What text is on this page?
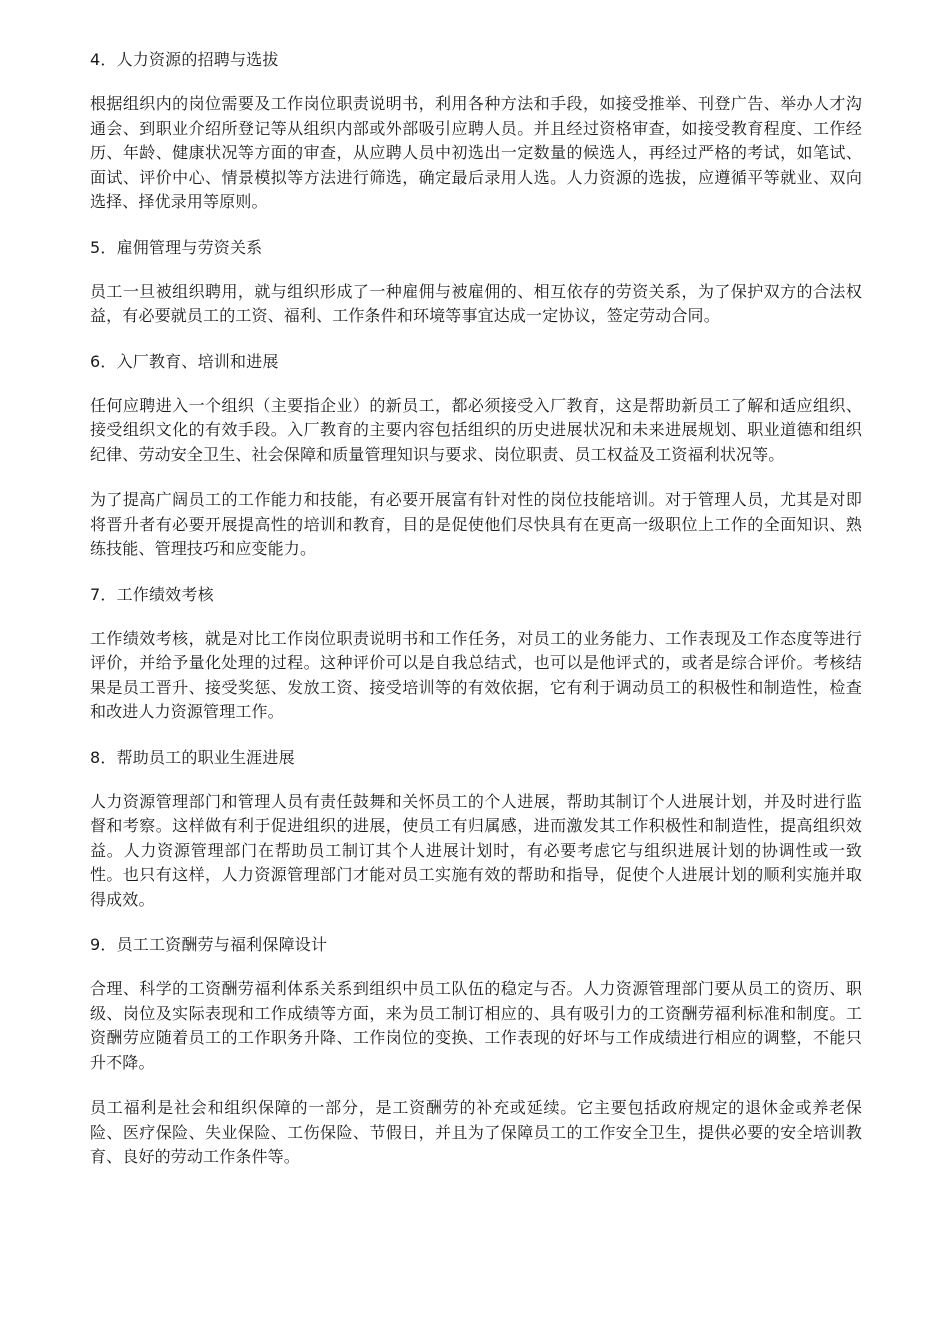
4．人力资源的招聘与选拔

根据组织内的岗位需要及工作岗位职责说明书，利用各种方法和手段，如接受推举、刊登广告、举办人才沟通会、到职业介绍所登记等从组织内部或外部吸引应聘人员。并且经过资格审查，如接受教育程度、工作经历、年龄、健康状况等方面的审查，从应聘人员中初选出一定数量的候选人，再经过严格的考试，如笔试、面试、评价中心、情景模拟等方法进行筛选，确定最后录用人选。人力资源的选拔，应遵循平等就业、双向选择、择优录用等原则。

5．雇佣管理与劳资关系

员工一旦被组织聘用，就与组织形成了一种雇佣与被雇佣的、相互依存的劳资关系，为了保护双方的合法权益，有必要就员工的工资、福利、工作条件和环境等事宜达成一定协议，签定劳动合同。

6．入厂教育、培训和进展

任何应聘进入一个组织（主要指企业）的新员工，都必须接受入厂教育，这是帮助新员工了解和适应组织、接受组织文化的有效手段。入厂教育的主要内容包括组织的历史进展状况和未来进展规划、职业道德和组织纪律、劳动安全卫生、社会保障和质量管理知识与要求、岗位职责、员工权益及工资福利状况等。

为了提高广阔员工的工作能力和技能，有必要开展富有针对性的岗位技能培训。对于管理人员，尤其是对即将晋升者有必要开展提高性的培训和教育，目的是促使他们尽快具有在更高一级职位上工作的全面知识、熟练技能、管理技巧和应变能力。

7．工作绩效考核

工作绩效考核，就是对比工作岗位职责说明书和工作任务，对员工的业务能力、工作表现及工作态度等进行评价，并给予量化处理的过程。这种评价可以是自我总结式，也可以是他评式的，或者是综合评价。考核结果是员工晋升、接受奖惩、发放工资、接受培训等的有效依据，它有利于调动员工的积极性和制造性，检查和改进人力资源管理工作。

8．帮助员工的职业生涯进展

人力资源管理部门和管理人员有责任鼓舞和关怀员工的个人进展，帮助其制订个人进展计划，并及时进行监督和考察。这样做有利于促进组织的进展，使员工有归属感，进而激发其工作积极性和制造性，提高组织效益。人力资源管理部门在帮助员工制订其个人进展计划时，有必要考虑它与组织进展计划的协调性或一致性。也只有这样，人力资源管理部门才能对员工实施有效的帮助和指导，促使个人进展计划的顺利实施并取得成效。

9．员工工资酬劳与福利保障设计

合理、科学的工资酬劳福利体系关系到组织中员工队伍的稳定与否。人力资源管理部门要从员工的资历、职级、岗位及实际表现和工作成绩等方面，来为员工制订相应的、具有吸引力的工资酬劳福利标准和制度。工资酬劳应随着员工的工作职务升降、工作岗位的变换、工作表现的好坏与工作成绩进行相应的调整，不能只升不降。

员工福利是社会和组织保障的一部分，是工资酬劳的补充或延续。它主要包括政府规定的退休金或养老保险、医疗保险、失业保险、工伤保险、节假日，并且为了保障员工的工作安全卫生，提供必要的安全培训教育、良好的劳动工作条件等。
